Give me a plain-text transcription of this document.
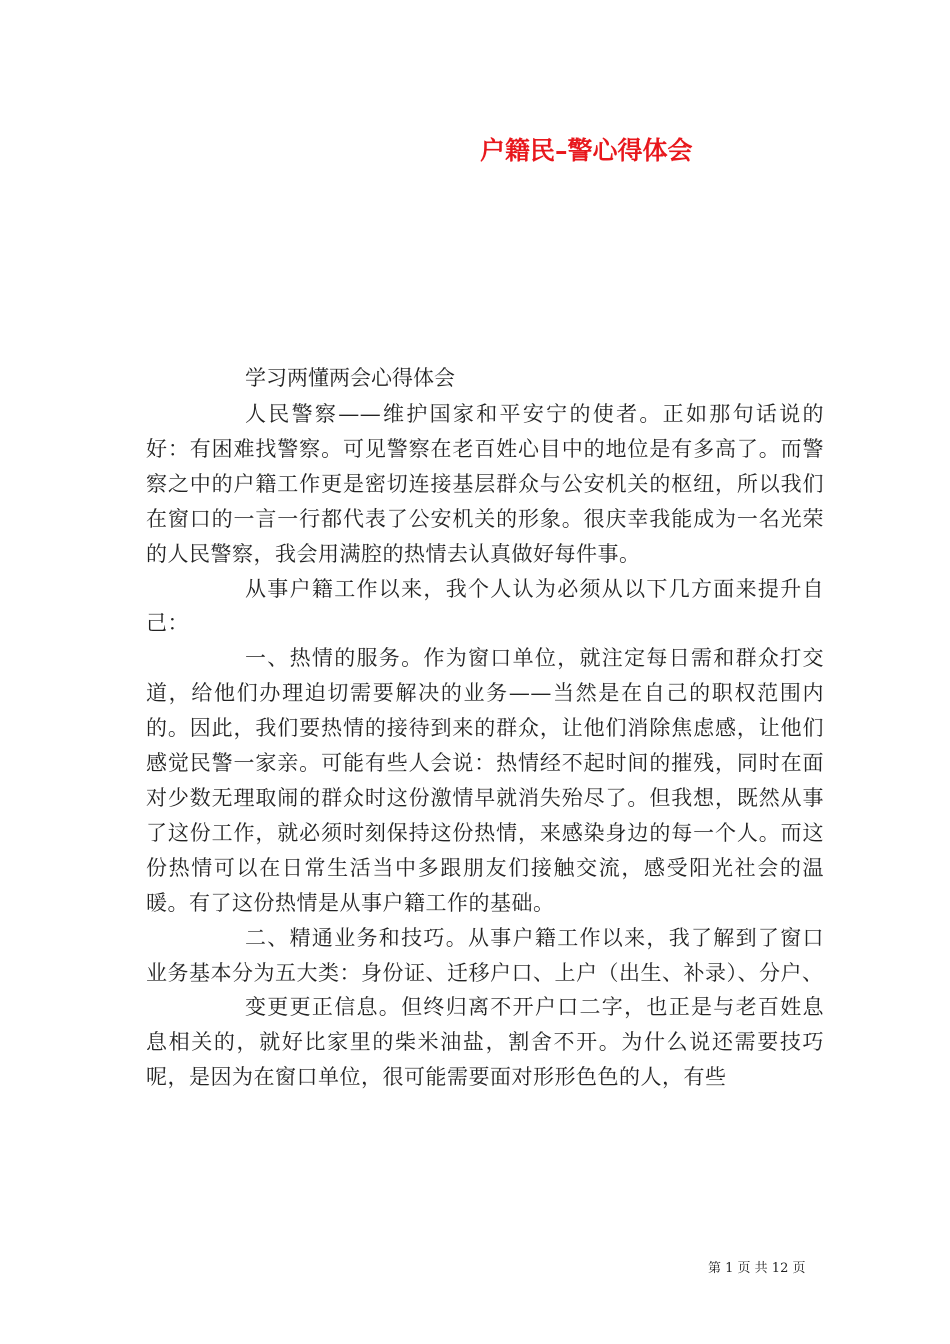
户籍民–警心得体会
学习两懂两会心得体会

人民警察——维护国家和平安宁的使者。正如那句话说的好：有困难找警察。可见警察在老百姓心目中的地位是有多高了。而警察之中的户籍工作更是密切连接基层群众与公安机关的枢纽，所以我们在窗口的一言一行都代表了公安机关的形象。很庆幸我能成为一名光荣的人民警察，我会用满腔的热情去认真做好每件事。

从事户籍工作以来，我个人认为必须从以下几方面来提升自己：

一、热情的服务。作为窗口单位，就注定每日需和群众打交道，给他们办理迫切需要解决的业务——当然是在自己的职权范围内的。因此，我们要热情的接待到来的群众，让他们消除焦虑感，让他们感觉民警一家亲。可能有些人会说：热情经不起时间的摧残，同时在面对少数无理取闹的群众时这份激情早就消失殆尽了。但我想，既然从事了这份工作，就必须时刻保持这份热情，来感染身边的每一个人。而这份热情可以在日常生活当中多跟朋友们接触交流，感受阳光社会的温暖。有了这份热情是从事户籍工作的基础。

二、精通业务和技巧。从事户籍工作以来，我了解到了窗口业务基本分为五大类：身份证、迁移户口、上户（出生、补录）、分户、

变更更正信息。但终归离不开户口二字，也正是与老百姓息息相关的，就好比家里的柴米油盐，割舍不开。为什么说还需要技巧呢，是因为在窗口单位，很可能需要面对形形色色的人，有些

第 1 页 共 12 页
